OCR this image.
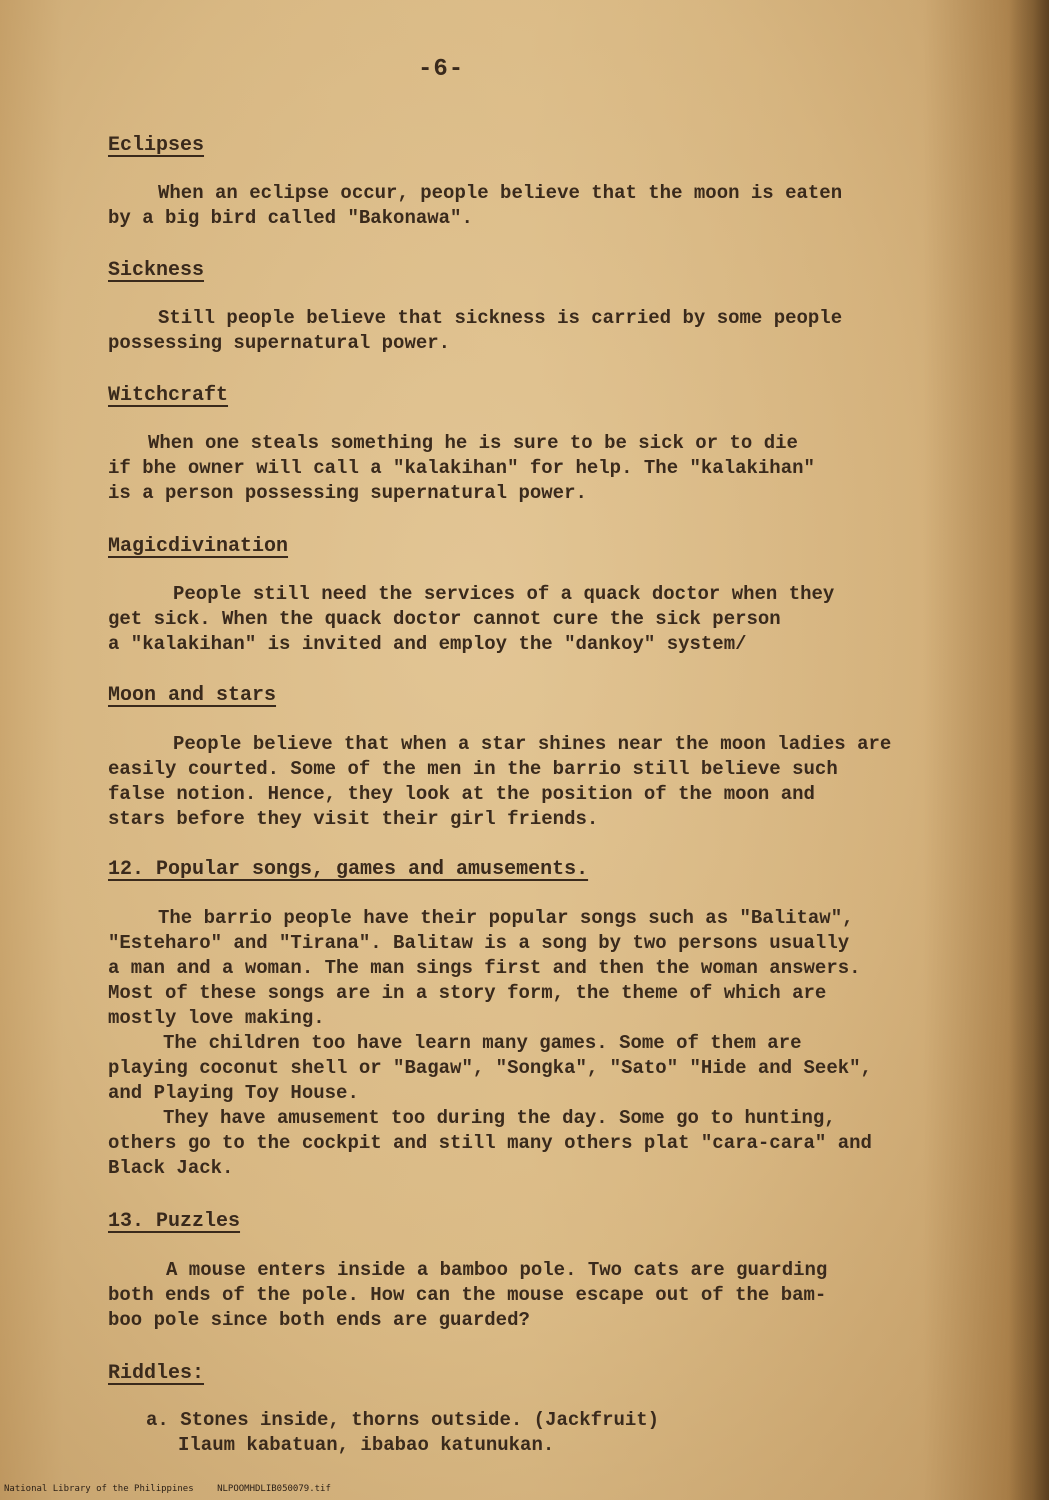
-6-
Eclipses
When an eclipse occur, people believe that the moon is eaten
by a big bird called "Bakonawa".
Sickness
Still people believe that sickness is carried by some people
possessing supernatural power.
Witchcraft
When one steals something he is sure to be sick or to die
if bhe owner will call a "kalakihan" for help. The "kalakihan"
is a person possessing supernatural power.
Magicdivination
People still need the services of a quack doctor when they
get sick. When the quack doctor cannot cure the sick person
a "kalakihan" is invited and employ the "dankoy" system/
Moon and stars
People believe that when a star shines near the moon ladies are
easily courted. Some of the men in the barrio still believe such
false notion. Hence, they look at the position of the moon and
stars before they visit their girl friends.
12. Popular songs, games and amusements.
The barrio people have their popular songs such as "Balitaw",
"Esteharo" and "Tirana". Balitaw is a song by two persons usually
a man and a woman. The man sings first and then the woman answers.
Most of these songs are in a story form, the theme of which are
mostly love making.
The children too have learn many games. Some of them are
playing coconut shell or "Bagaw", "Songka", "Sato" "Hide and Seek",
and Playing Toy House.
They have amusement too during the day. Some go to hunting,
others go to the cockpit and still many others plat "cara-cara" and
Black Jack.
13. Puzzles
A mouse enters inside a bamboo pole. Two cats are guarding
both ends of the pole. How can the mouse escape out of the bam-
boo pole since both ends are guarded?
Riddles:
a. Stones inside, thorns outside. (Jackfruit)
Ilaum kabatuan, ibabao katunukan.
National Library of the Philippines	NLPOOMHDLIB050079.tif
